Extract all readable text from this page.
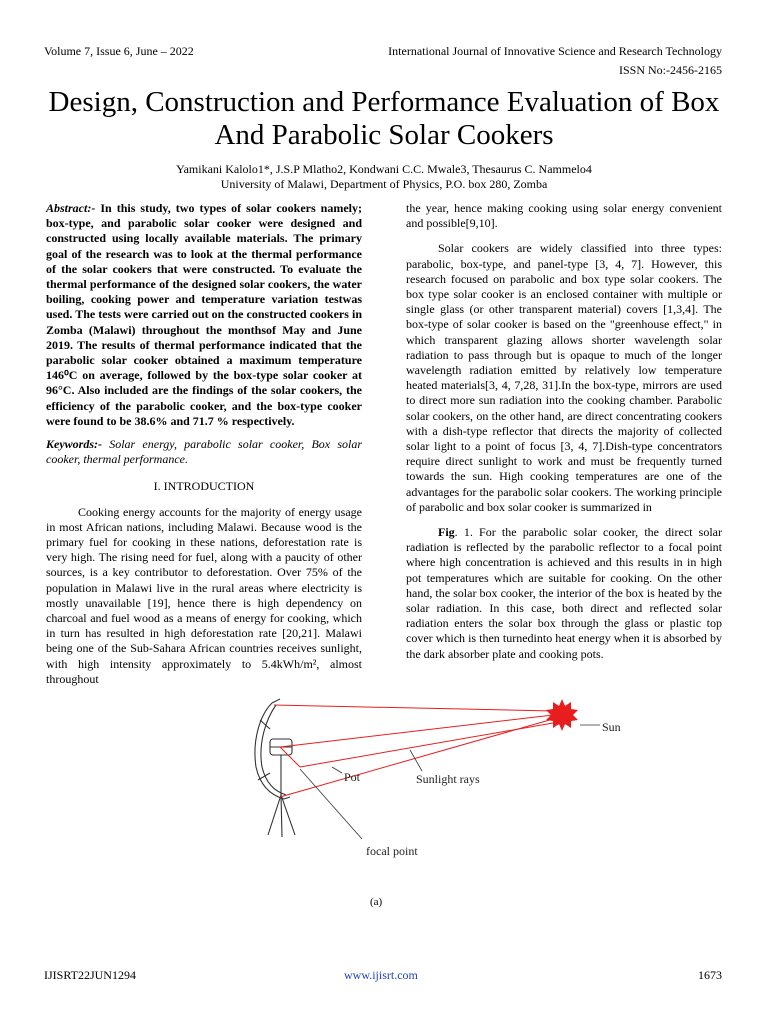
Volume 7, Issue 6, June – 2022	International Journal of Innovative Science and Research Technology
ISSN No:-2456-2165
Design, Construction and Performance Evaluation of Box And Parabolic Solar Cookers
Yamikani Kalolo1*, J.S.P Mlatho2, Kondwani C.C. Mwale3, Thesaurus C. Nammelo4
University of Malawi, Department of Physics, P.O. box 280, Zomba

Abstract:- In this study, two types of solar cookers namely; box-type, and parabolic solar cooker were designed and constructed using locally available materials. The primary goal of the research was to look at the thermal performance of the solar cookers that were constructed. To evaluate the thermal performance of the designed solar cookers, the water boiling, cooking power and temperature variation testwas used. The tests were carried out on the constructed cookers in Zomba (Malawi) throughout the monthsof May and June 2019. The results of thermal performance indicated that the parabolic solar cooker obtained a maximum temperature 146⁰C on average, followed by the box-type solar cooker at 96°C. Also included are the findings of the solar cookers, the efficiency of the parabolic cooker, and the box-type cooker were found to be 38.6% and 71.7 % respectively.

Keywords:- Solar energy, parabolic solar cooker, Box solar cooker, thermal performance.

I. INTRODUCTION

Cooking energy accounts for the majority of energy usage in most African nations, including Malawi. Because wood is the primary fuel for cooking in these nations, deforestation rate is very high. The rising need for fuel, along with a paucity of other sources, is a key contributor to deforestation. Over 75% of the population in Malawi live in the rural areas where electricity is mostly unavailable [19], hence there is high dependency on charcoal and fuel wood as a means of energy for cooking, which in turn has resulted in high deforestation rate [20,21]. Malawi being one of the Sub-Sahara African countries receives sunlight, with high intensity approximately to 5.4kWh/m², almost throughout

the year, hence making cooking using solar energy convenient and possible[9,10].

Solar cookers are widely classified into three types: parabolic, box-type, and panel-type [3, 4, 7]. However, this research focused on parabolic and box type solar cookers. The box type solar cooker is an enclosed container with multiple or single glass (or other transparent material) covers [1,3,4]. The box-type of solar cooker is based on the "greenhouse effect," in which transparent glazing allows shorter wavelength solar radiation to pass through but is opaque to much of the longer wavelength radiation emitted by relatively low temperature heated materials[3, 4, 7,28, 31].In the box-type, mirrors are used to direct more sun radiation into the cooking chamber. Parabolic solar cookers, on the other hand, are direct concentrating cookers with a dish-type reflector that directs the majority of collected solar light to a point of focus [3, 4, 7].Dish-type concentrators require direct sunlight to work and must be frequently turned towards the sun. High cooking temperatures are one of the advantages for the parabolic solar cookers. The working principle of parabolic and box solar cooker is summarized in

Fig. 1. For the parabolic solar cooker, the direct solar radiation is reflected by the parabolic reflector to a focal point where high concentration is achieved and this results in in high pot temperatures which are suitable for cooking. On the other hand, the solar box cooker, the interior of the box is heated by the solar radiation. In this case, both direct and reflected solar radiation enters the solar box through the glass or plastic top cover which is then turnedinto heat energy when it is absorbed by the dark absorber plate and cooking pots.

Sun
Pot	Sunlight rays
focal point
(a)
IJISRT22JUN1294	www.ijisrt.com	1673
